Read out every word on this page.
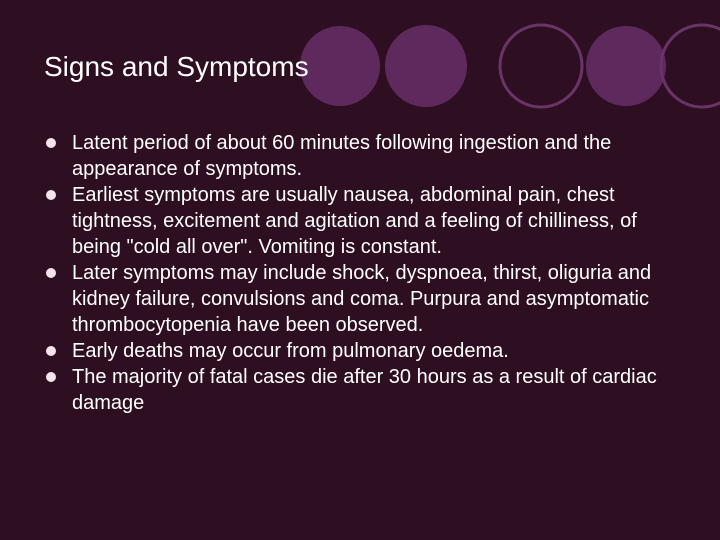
Signs and Symptoms
Latent period of about 60 minutes following ingestion and the appearance of symptoms.
Earliest symptoms are usually nausea, abdominal pain, chest tightness, excitement and agitation and a feeling of chilliness, of being "cold all over". Vomiting is constant.
Later symptoms may include shock, dyspnoea, thirst, oliguria and kidney failure, convulsions and coma. Purpura and asymptomatic thrombocytopenia have been observed.
Early deaths may occur from pulmonary oedema.
The majority of fatal cases die after 30 hours as a result of cardiac damage
